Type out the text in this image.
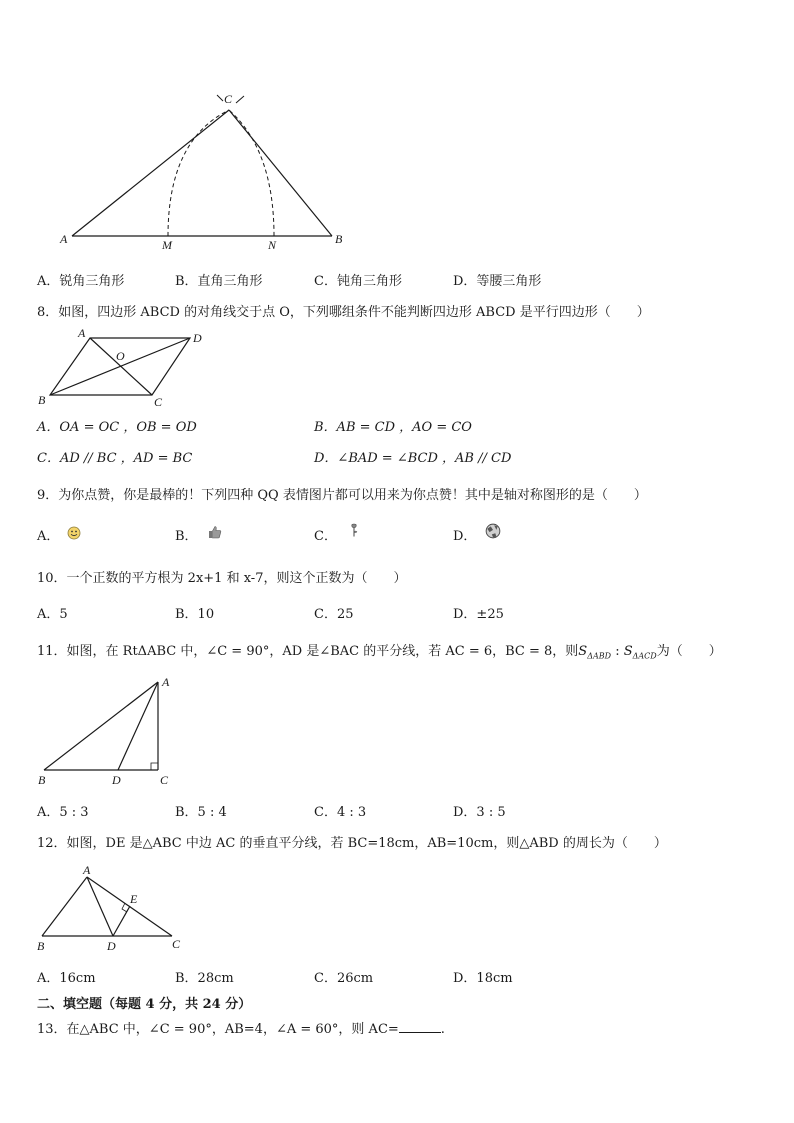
C
A	M	N	B
A．锐角三角形	B．直角三角形	C．钝角三角形	D．等腰三角形
8．如图，四边形 ABCD 的对角线交于点 O，下列哪组条件不能判断四边形 ABCD 是平行四边形（　　）
A	D
O
B	C
A．OA = OC ，OB = OD	B．AB = CD ，AO = CO
C．AD // BC ，AD = BC	D．∠BAD = ∠BCD ，AB // CD
9．为你点赞，你是最棒的！下列四种 QQ 表情图片都可以用来为你点赞！其中是轴对称图形的是（　　）
A．	B．	C．	D．
10．一个正数的平方根为 2x+1 和 x-7，则这个正数为（　　）
A．5	B．10	C．25	D．±25
11．如图，在 RtΔABC 中，∠C = 90°，AD 是∠BAC 的平分线，若 AC = 6，BC = 8，则$S_{\Delta ABD}$ : $S_{\Delta ACD}$为（　　）
A
B	D	C
A．5 : 3	B．5 : 4	C．4 : 3	D．3 : 5
12．如图，DE 是△ABC 中边 AC 的垂直平分线，若 BC=18cm，AB=10cm，则△ABD 的周长为（　　）
A
E
B	D	C
A．16cm	B．28cm	C．26cm	D．18cm
二、填空题（每题 4 分，共 24 分）
13．在△ABC 中，∠C = 90°，AB=4，∠A = 60°，则 AC=	.
